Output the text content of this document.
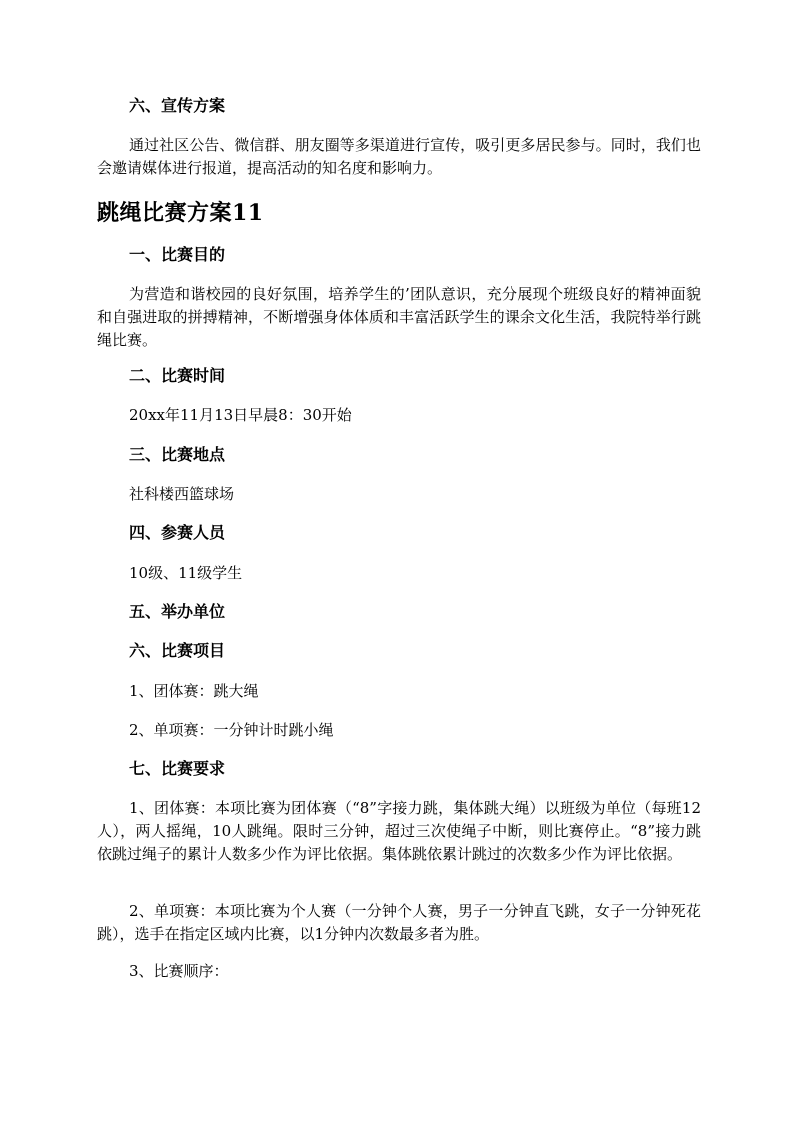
六、宣传方案
通过社区公告、微信群、朋友圈等多渠道进行宣传，吸引更多居民参与。同时，我们也会邀请媒体进行报道，提高活动的知名度和影响力。
跳绳比赛方案11
一、比赛目的
为营造和谐校园的良好氛围，培养学生的’团队意识，充分展现个班级良好的精神面貌和自强进取的拼搏精神，不断增强身体体质和丰富活跃学生的课余文化生活，我院特举行跳绳比赛。
二、比赛时间
20xx年11月13日早晨8：30开始
三、比赛地点
社科楼西篮球场
四、参赛人员
10级、11级学生
五、举办单位
六、比赛项目
1、团体赛：跳大绳
2、单项赛：一分钟计时跳小绳
七、比赛要求
1、团体赛：本项比赛为团体赛（“8”字接力跳，集体跳大绳）以班级为单位（每班12人），两人摇绳，10人跳绳。限时三分钟，超过三次使绳子中断，则比赛停止。“8”接力跳依跳过绳子的累计人数多少作为评比依据。集体跳依累计跳过的次数多少作为评比依据。
2、单项赛：本项比赛为个人赛（一分钟个人赛，男子一分钟直飞跳，女子一分钟死花跳），选手在指定区域内比赛，以1分钟内次数最多者为胜。
3、比赛顺序：
